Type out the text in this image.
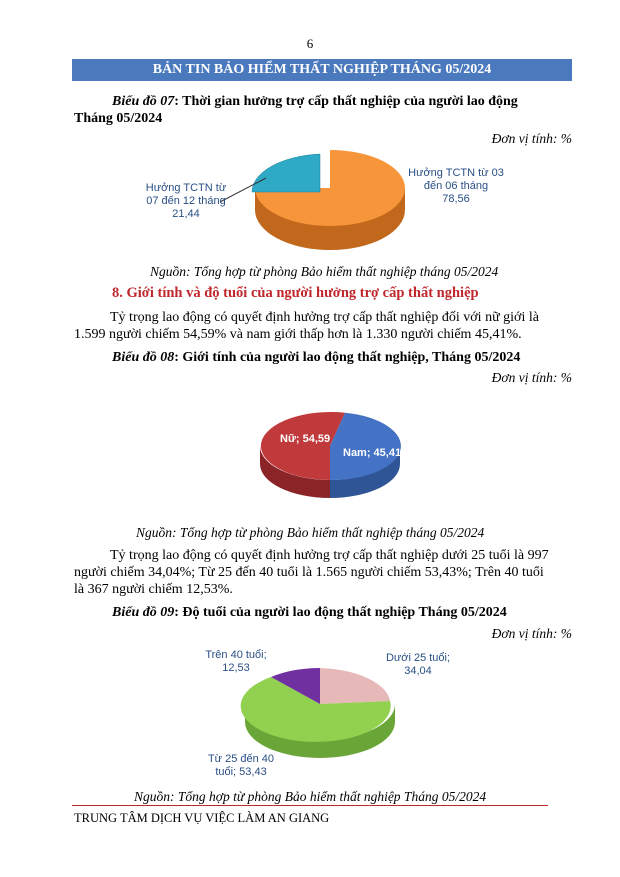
6
BẢN TIN BẢO HIỂM THẤT NGHIỆP THÁNG 05/2024
Biểu đồ 07: Thời gian hưởng trợ cấp thất nghiệp của người lao động
Tháng 05/2024
Đơn vị tính: %
Hưởng TCTN từ 03
đến 06 tháng
78,56
Hưởng TCTN từ
07 đến 12 tháng
21,44
Nguồn: Tổng hợp từ phòng Bảo hiểm thất nghiệp tháng 05/2024
8. Giới tính và độ tuổi của người hưởng trợ cấp thất nghiệp
Tỷ trọng lao động có quyết định hưởng trợ cấp thất nghiệp đối với nữ giới là
1.599 người chiếm 54,59% và nam giới thấp hơn là 1.330 người chiếm 45,41%.
Biểu đồ 08: Giới tính của người lao động thất nghiệp, Tháng 05/2024
Đơn vị tính: %
Nữ; 54,59
Nam; 45,41
Nguồn: Tổng hợp từ phòng Bảo hiểm thất nghiệp tháng 05/2024
Tỷ trọng lao động có quyết định hưởng trợ cấp thất nghiệp dưới 25 tuổi là 997
người chiếm 34,04%; Từ 25 đến 40 tuổi là 1.565 người chiếm 53,43%; Trên 40 tuổi
là 367 người chiếm 12,53%.
Biểu đồ 09: Độ tuổi của người lao động thất nghiệp Tháng 05/2024
Đơn vị tính: %
Trên 40 tuổi;
12,53
Dưới 25 tuổi;
34,04
Từ 25 đến 40
tuổi; 53,43
Nguồn: Tổng hợp từ phòng Bảo hiểm thất nghiệp Tháng 05/2024
TRUNG TÂM DỊCH VỤ VIỆC LÀM AN GIANG
